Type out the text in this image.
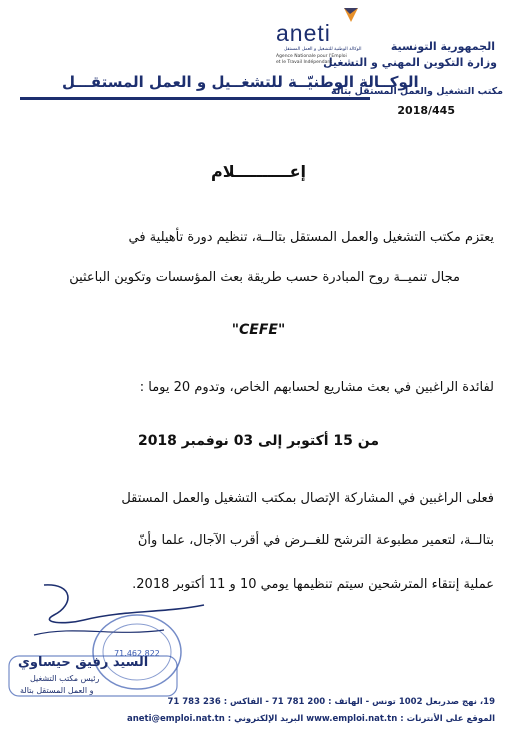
الجمهورية التونسية
وزارة التكوين المهني و التشغيل
مكتب التشغيل والعمل المستقل بتالة
2018/445
aneti
الوكالة الوطنية للتشغيل و العمل المستقل
Agence Nationale pour l'Emploi
et le Travail Indépendant
الوكــالة الوطنيّــة للتشغــيل و العمل المستقـــل
إعــــــــــلام
يعتزم مكتب التشغيل والعمل المستقل بتالــة، تنظيم دورة تأهيلية في
مجال تنميــة روح المبادرة حسب طريقة بعث المؤسسات وتكوين الباعثين
"CEFE"
لفائدة الراغبين في بعث مشاريع لحسابهم الخاص، وتدوم 20 يوما :
من 15 أكتوبر إلى 03 نوفمبر 2018
فعلى الراغبين في المشاركة الإتصال بمكتب التشغيل والعمل المستقل
بتالــة، لتعمير مطبوعة الترشح للغــرض في أقرب الآجال، علما وأنّ
عملية إنتقاء المترشحين سيتم تنظيمها يومي 10 و 11 أكتوبر 2018.
71.462.822
السيد رفيق حيساوي
رئيس مكتب التشغيل
و العمل المستقل بتالة
19، نهج صدربعل 1002 تونس - الهاتف : 200 781 71 - الفاكس : 236 783 71
الموقع على الأنترنات : www.emploi.nat.tn البريد الإلكتروني : aneti@emploi.nat.tn
